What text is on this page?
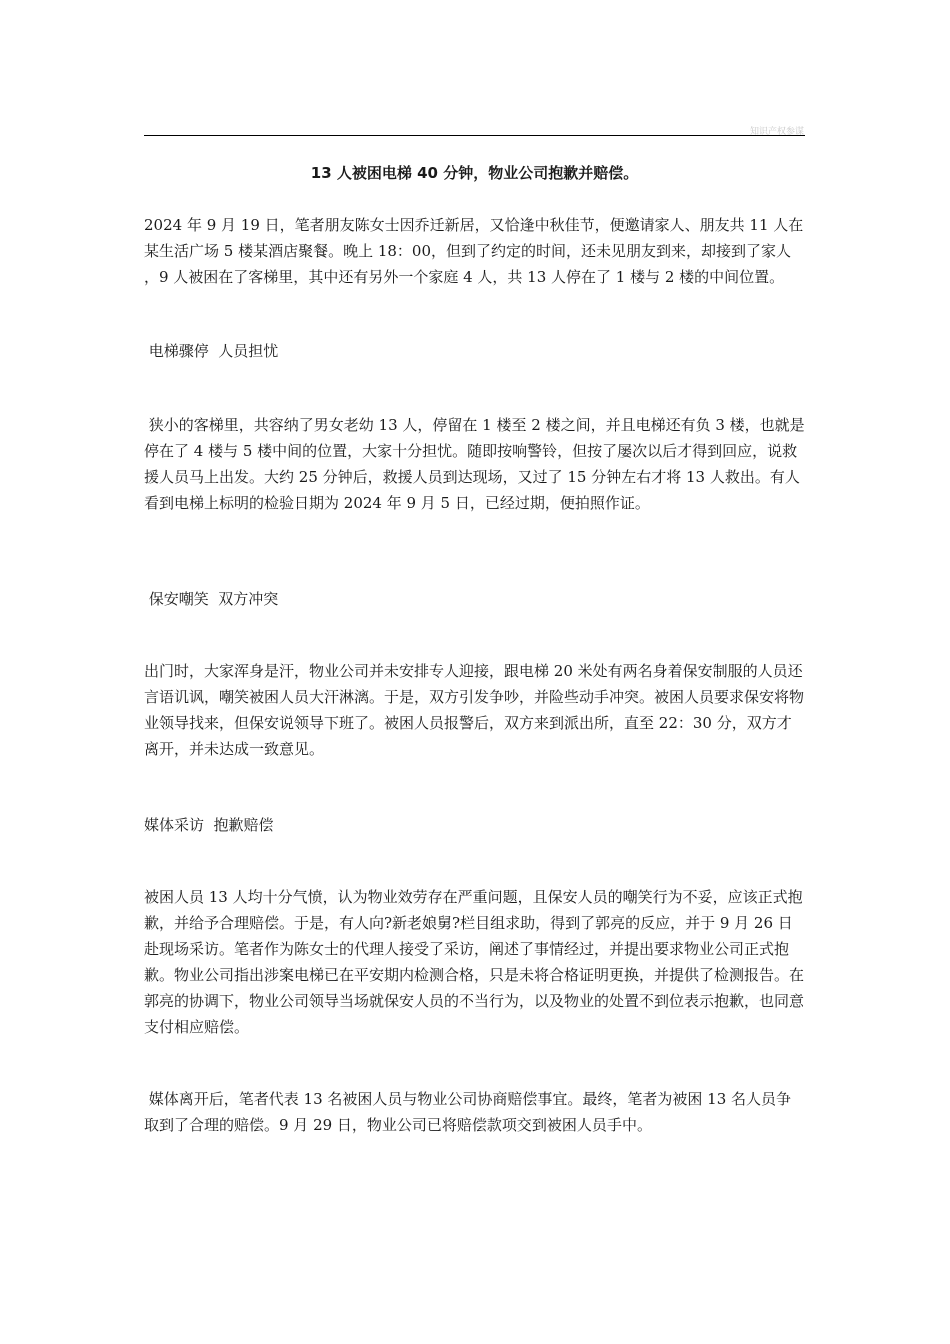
知识产权参谋
13 人被困电梯 40 分钟，物业公司抱歉并赔偿。

2024 年 9 月 19 日，笔者朋友陈女士因乔迁新居，又恰逢中秋佳节，便邀请家人、朋友共 11 人在某生活广场 5 楼某酒店聚餐。晚上 18：00，但到了约定的时间，还未见朋友到来，却接到了家人      ，9 人被困在了客梯里，其中还有另外一个家庭 4 人，共 13 人停在了 1 楼与 2 楼的中间位置。

电梯骤停  人员担忧

狭小的客梯里，共容纳了男女老幼 13 人，停留在 1 楼至 2 楼之间，并且电梯还有负 3 楼，也就是停在了 4 楼与 5 楼中间的位置，大家十分担忧。随即按响警铃，但按了屡次以后才得到回应，说救援人员马上出发。大约 25 分钟后，救援人员到达现场，又过了 15 分钟左右才将 13 人救出。有人看到电梯上标明的检验日期为 2024 年 9 月 5 日，已经过期，便拍照作证。

保安嘲笑  双方冲突

出门时，大家浑身是汗，物业公司并未安排专人迎接，跟电梯 20 米处有两名身着保安制服的人员还言语讥讽，嘲笑被困人员大汗淋漓。于是，双方引发争吵，并险些动手冲突。被困人员要求保安将物业领导找来，但保安说领导下班了。被困人员报警后，双方来到派出所，直至 22：30 分，双方才离开，并未达成一致意见。

媒体采访  抱歉赔偿

被困人员 13 人均十分气愤，认为物业效劳存在严重问题，且保安人员的嘲笑行为不妥，应该正式抱歉，并给予合理赔偿。于是，有人向?新老娘舅?栏目组求助，得到了郭亮的反应，并于 9 月 26 日赴现场采访。笔者作为陈女士的代理人接受了采访，阐述了事情经过，并提出要求物业公司正式抱歉。物业公司指出涉案电梯已在平安期内检测合格，只是未将合格证明更换，并提供了检测报告。在郭亮的协调下，物业公司领导当场就保安人员的不当行为，以及物业的处置不到位表示抱歉，也同意支付相应赔偿。

媒体离开后，笔者代表 13 名被困人员与物业公司协商赔偿事宜。最终，笔者为被困 13 名人员争取到了合理的赔偿。9 月 29 日，物业公司已将赔偿款项交到被困人员手中。
